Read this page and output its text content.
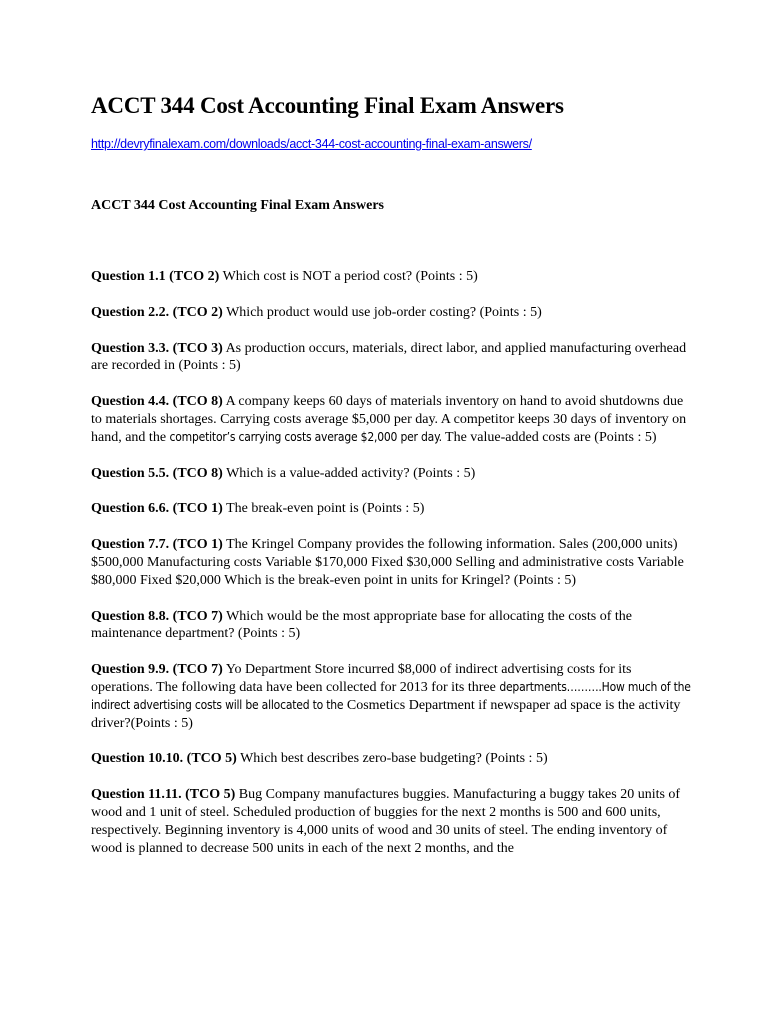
ACCT 344 Cost Accounting Final Exam Answers
http://devryfinalexam.com/downloads/acct-344-cost-accounting-final-exam-answers/
ACCT 344 Cost Accounting Final Exam Answers

Question 1.1 (TCO 2) Which cost is NOT a period cost? (Points : 5)

Question 2.2. (TCO 2) Which product would use job-order costing? (Points : 5)

Question 3.3. (TCO 3) As production occurs, materials, direct labor, and applied manufacturing overhead are recorded in (Points : 5)

Question 4.4. (TCO 8) A company keeps 60 days of materials inventory on hand to avoid shutdowns due to materials shortages. Carrying costs average $5,000 per day. A competitor keeps 30 days of inventory on hand, and the competitor’s carrying costs average $2,000 per day. The value-added costs are (Points : 5)

Question 5.5. (TCO 8) Which is a value-added activity? (Points : 5)

Question 6.6. (TCO 1) The break-even point is (Points : 5)

Question 7.7. (TCO 1) The Kringel Company provides the following information. Sales (200,000 units) $500,000 Manufacturing costs Variable $170,000 Fixed $30,000 Selling and administrative costs Variable $80,000 Fixed $20,000 Which is the break-even point in units for Kringel? (Points : 5)

Question 8.8. (TCO 7) Which would be the most appropriate base for allocating the costs of the maintenance department? (Points : 5)

Question 9.9. (TCO 7) Yo Department Store incurred $8,000 of indirect advertising costs for its operations. The following data have been collected for 2013 for its three departments……….How much of the indirect advertising costs will be allocated to the Cosmetics Department if newspaper ad space is the activity driver?(Points : 5)

Question 10.10. (TCO 5) Which best describes zero-base budgeting? (Points : 5)

Question 11.11. (TCO 5) Bug Company manufactures buggies. Manufacturing a buggy takes 20 units of wood and 1 unit of steel. Scheduled production of buggies for the next 2 months is 500 and 600 units, respectively. Beginning inventory is 4,000 units of wood and 30 units of steel. The ending inventory of wood is planned to decrease 500 units in each of the next 2 months, and the
